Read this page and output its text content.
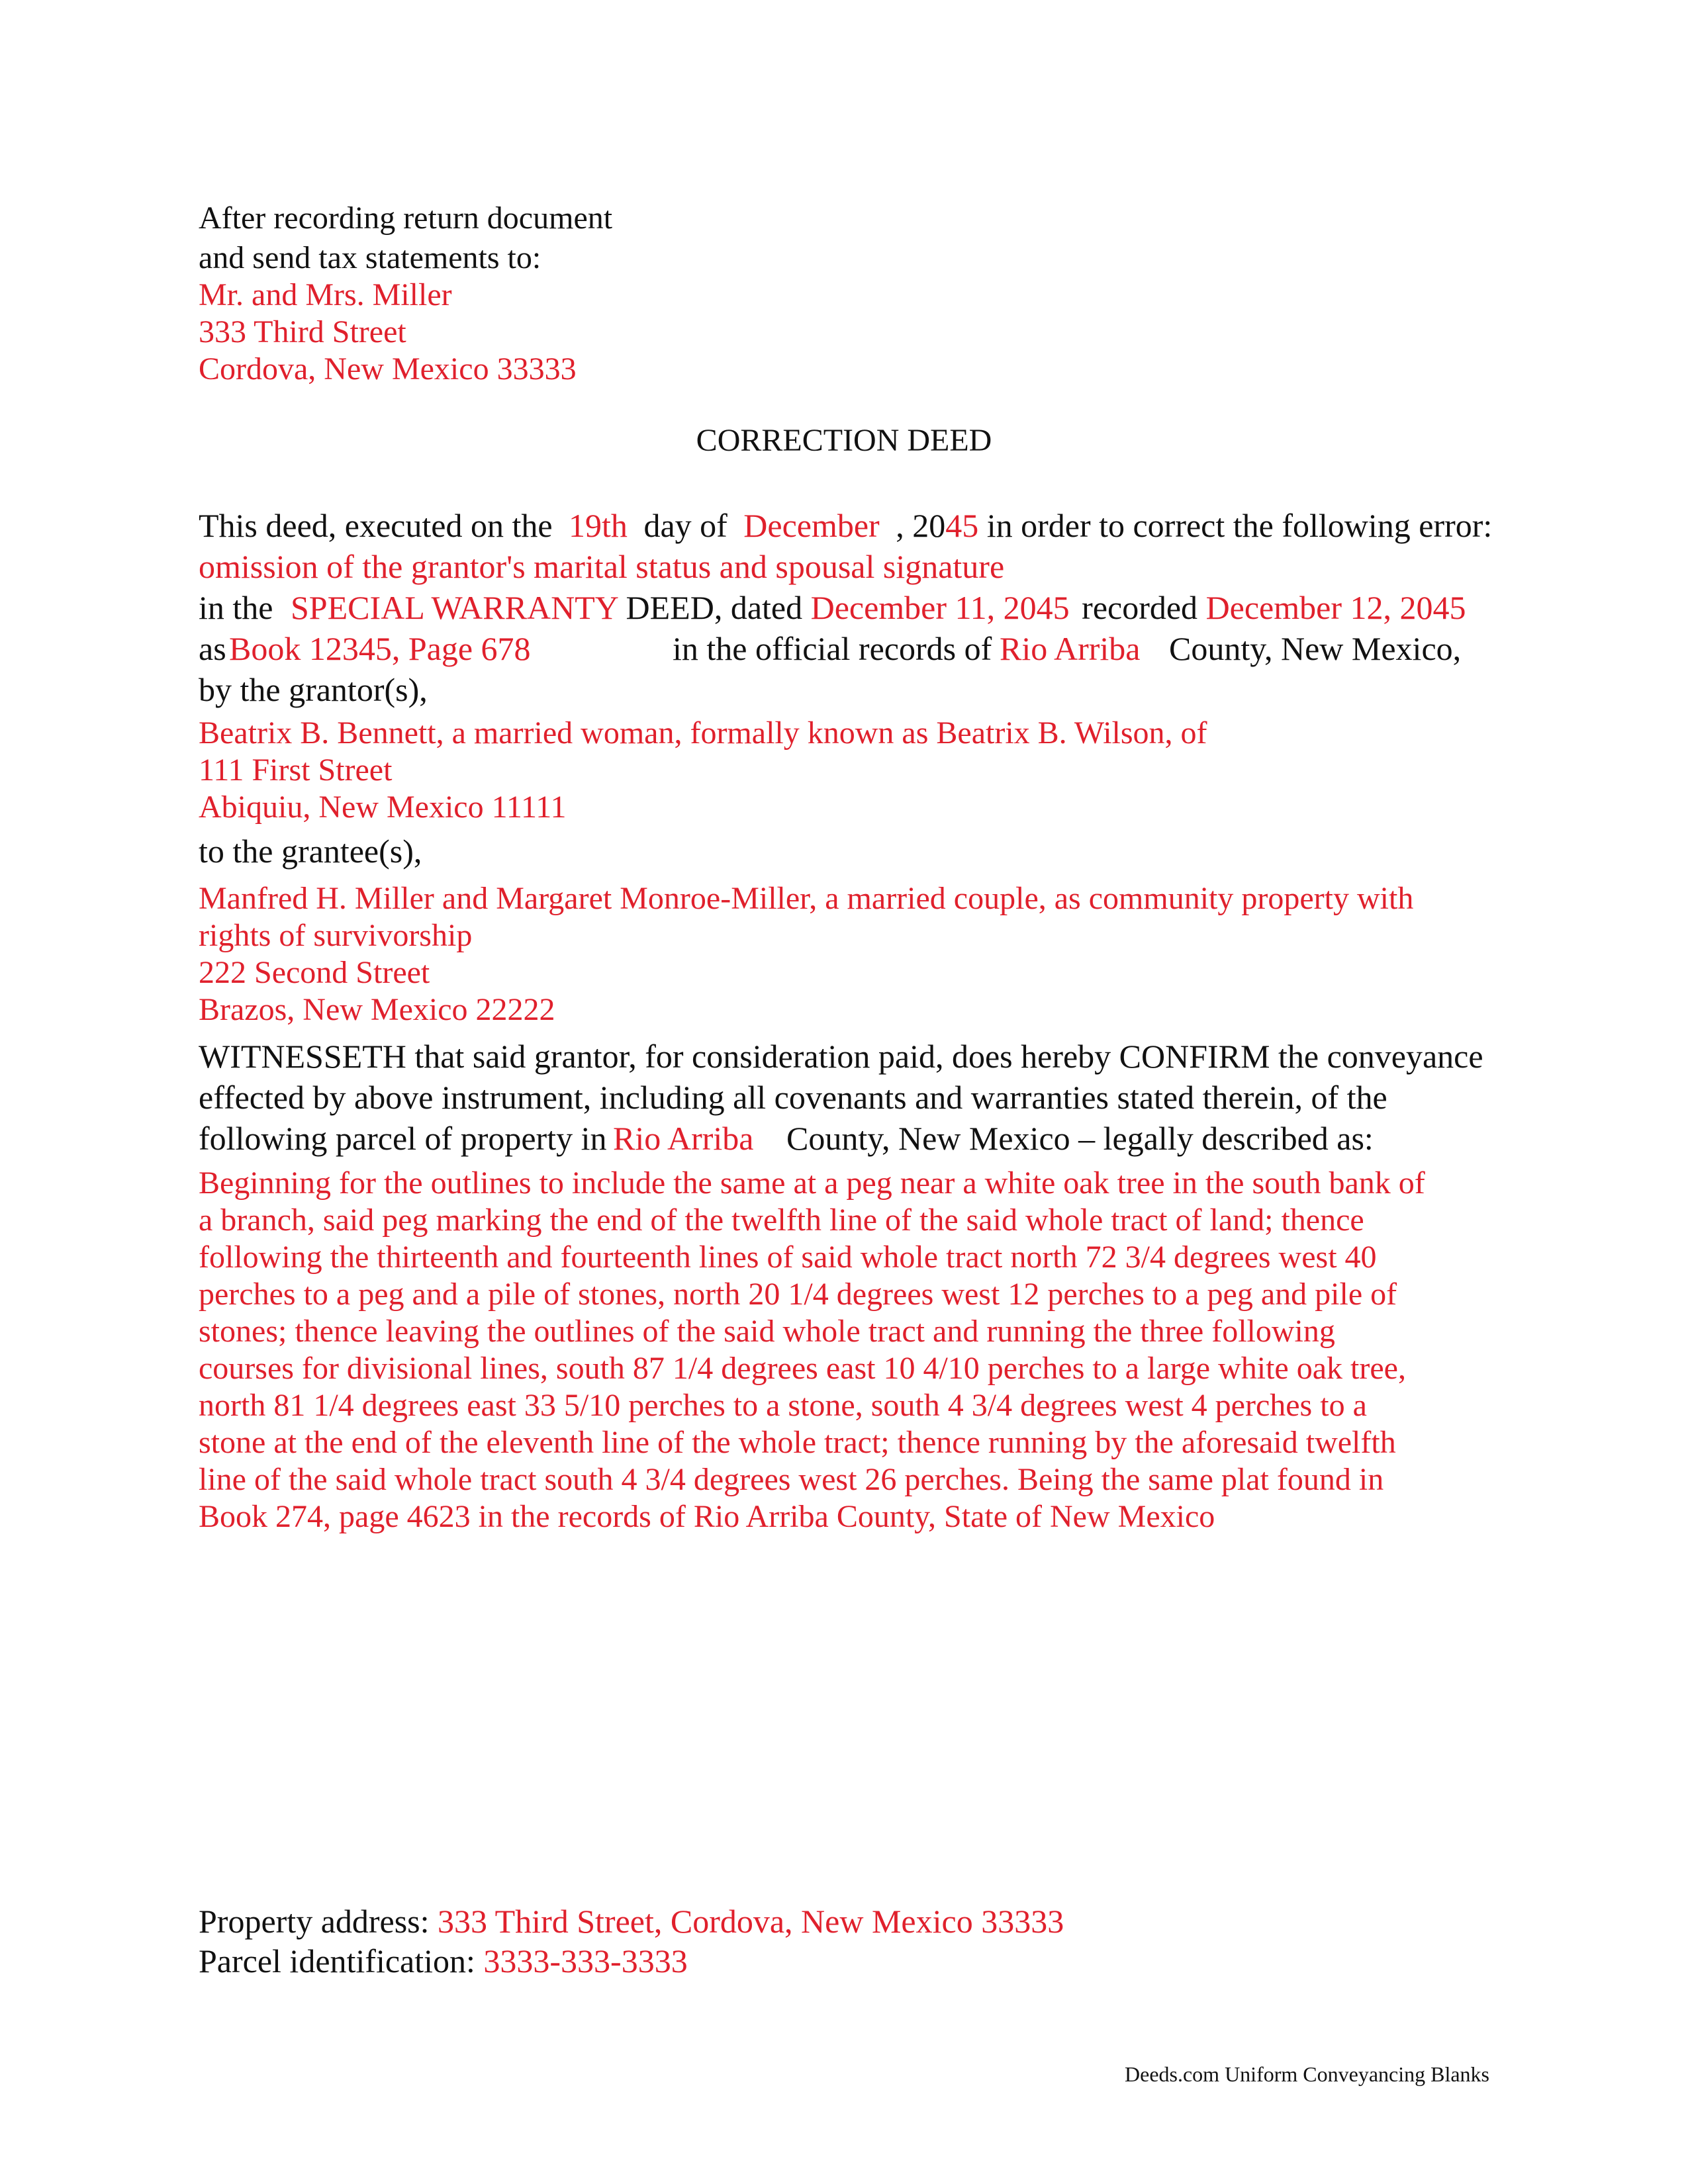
After recording return document
and send tax statements to:
Mr. and Mrs. Miller
333 Third Street
Cordova, New Mexico 33333
CORRECTION DEED
This deed, executed on the 19th day of December , 2045 in order to correct the following error:
omission of the grantor's marital status and spousal signature
in the SPECIAL WARRANTY DEED, dated December 11, 2045 recorded December 12, 2045
as Book 12345, Page 678	in the official records of Rio Arriba County, New Mexico,
by the grantor(s),
Beatrix B. Bennett, a married woman, formally known as Beatrix B. Wilson, of
111 First Street
Abiquiu, New Mexico 11111
to the grantee(s),
Manfred H. Miller and Margaret Monroe-Miller, a married couple, as community property with
rights of survivorship
222 Second Street
Brazos, New Mexico 22222
WITNESSETH that said grantor, for consideration paid, does hereby CONFIRM the conveyance
effected by above instrument, including all covenants and warranties stated therein, of the
following parcel of property in Rio Arriba County, New Mexico – legally described as:
Beginning for the outlines to include the same at a peg near a white oak tree in the south bank of
a branch, said peg marking the end of the twelfth line of the said whole tract of land; thence
following the thirteenth and fourteenth lines of said whole tract north 72 3/4 degrees west 40
perches to a peg and a pile of stones, north 20 1/4 degrees west 12 perches to a peg and pile of
stones; thence leaving the outlines of the said whole tract and running the three following
courses for divisional lines, south 87 1/4 degrees east 10 4/10 perches to a large white oak tree,
north 81 1/4 degrees east 33 5/10 perches to a stone, south 4 3/4 degrees west 4 perches to a
stone at the end of the eleventh line of the whole tract; thence running by the aforesaid twelfth
line of the said whole tract south 4 3/4 degrees west 26 perches. Being the same plat found in
Book 274, page 4623 in the records of Rio Arriba County, State of New Mexico
Property address: 333 Third Street, Cordova, New Mexico 33333
Parcel identification: 3333-333-3333
Deeds.com Uniform Conveyancing Blanks
